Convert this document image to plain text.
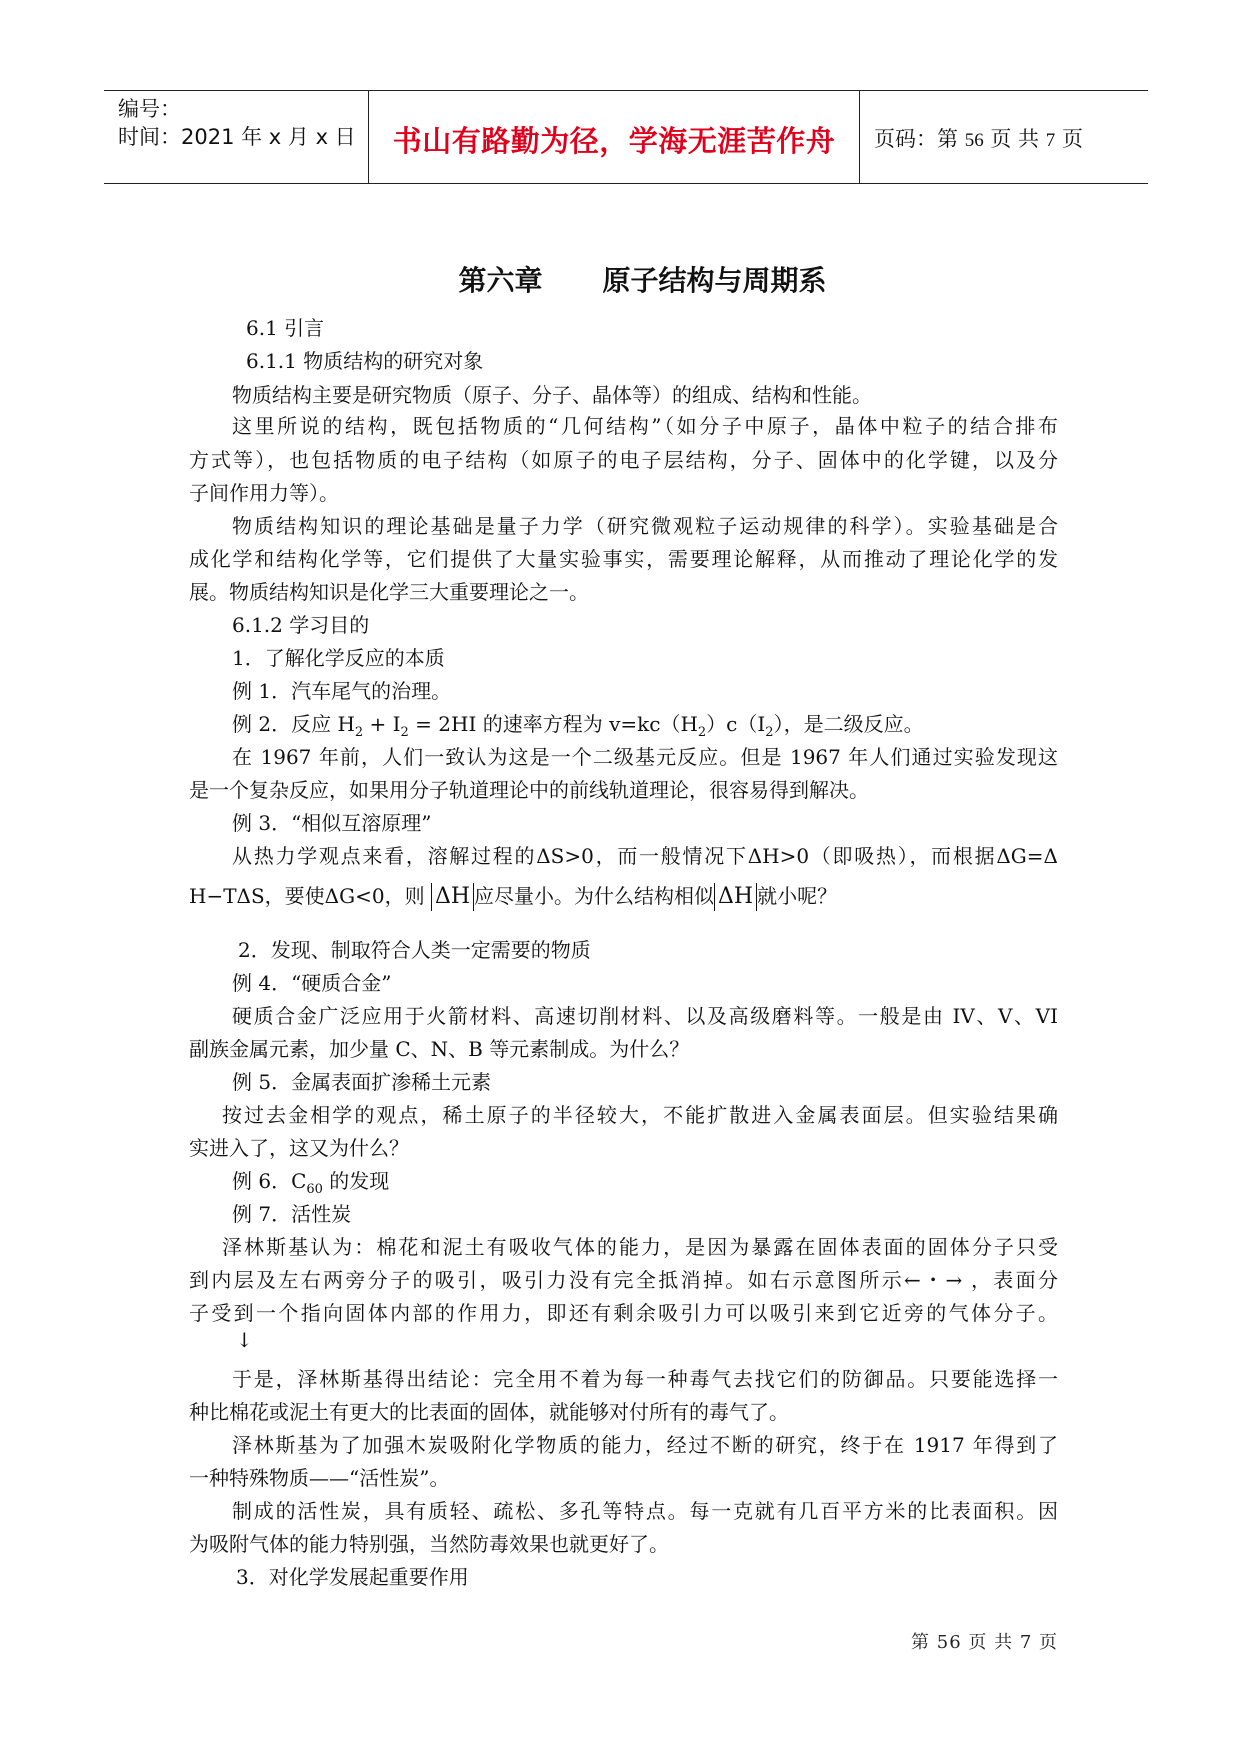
编号：
时间：2021 年 x 月 x 日	书山有路勤为径，学海无涯苦作舟	页码：第 56 页 共 7 页
第六章 原子结构与周期系
6.1 引言
6.1.1 物质结构的研究对象
物质结构主要是研究物质（原子、分子、晶体等）的组成、结构和性能。
这里所说的结构，既包括物质的“几何结构”（如分子中原子，晶体中粒子的结合排布
方式等），也包括物质的电子结构（如原子的电子层结构，分子、固体中的化学键，以及分
子间作用力等）。
物质结构知识的理论基础是量子力学（研究微观粒子运动规律的科学）。实验基础是合
成化学和结构化学等，它们提供了大量实验事实，需要理论解释，从而推动了理论化学的发
展。物质结构知识是化学三大重要理论之一。
6.1.2 学习目的
1．了解化学反应的本质
例 1．汽车尾气的治理。
例 2．反应 $H_2 + I_2 = 2HI$ 的速率方程为 $v=kc(H_2)c(I_2)$，是二级反应。
在 1967 年前，人们一致认为这是一个二级基元反应。但是 1967 年人们通过实验发现这
是一个复杂反应，如果用分子轨道理论中的前线轨道理论，很容易得到解决。
例 3．“相似互溶原理”
从热力学观点来看，溶解过程的ΔS>0，而一般情况下ΔH>0（即吸热），而根据ΔG=Δ
H−TΔS，要使ΔG<0，则 ΔH 应尽量小。为什么结构相似 ΔH 就小呢？
2．发现、制取符合人类一定需要的物质
例 4．“硬质合金”
硬质合金广泛应用于火箭材料、高速切削材料、以及高级磨料等。一般是由 IV、V、VI
副族金属元素，加少量 C、N、B 等元素制成。为什么？
例 5．金属表面扩渗稀土元素
按过去金相学的观点，稀土原子的半径较大，不能扩散进入金属表面层。但实验结果确
实进入了，这又为什么？
例 6．$C_{60}$ 的发现
例 7．活性炭
泽林斯基认为：棉花和泥土有吸收气体的能力，是因为暴露在固体表面的固体分子只受
到内层及左右两旁分子的吸引，吸引力没有完全抵消掉。如右示意图所示←・→ ，表面分
子受到一个指向固体内部的作用力，即还有剩余吸引力可以吸引来到它近旁的气体分子。
↓
于是，泽林斯基得出结论：完全用不着为每一种毒气去找它们的防御品。只要能选择一
种比棉花或泥土有更大的比表面的固体，就能够对付所有的毒气了。
泽林斯基为了加强木炭吸附化学物质的能力，经过不断的研究，终于在 1917 年得到了
一种特殊物质——“活性炭”。
制成的活性炭，具有质轻、疏松、多孔等特点。每一克就有几百平方米的比表面积。因
为吸附气体的能力特别强，当然防毒效果也就更好了。
3．对化学发展起重要作用
第 56 页 共 7 页
